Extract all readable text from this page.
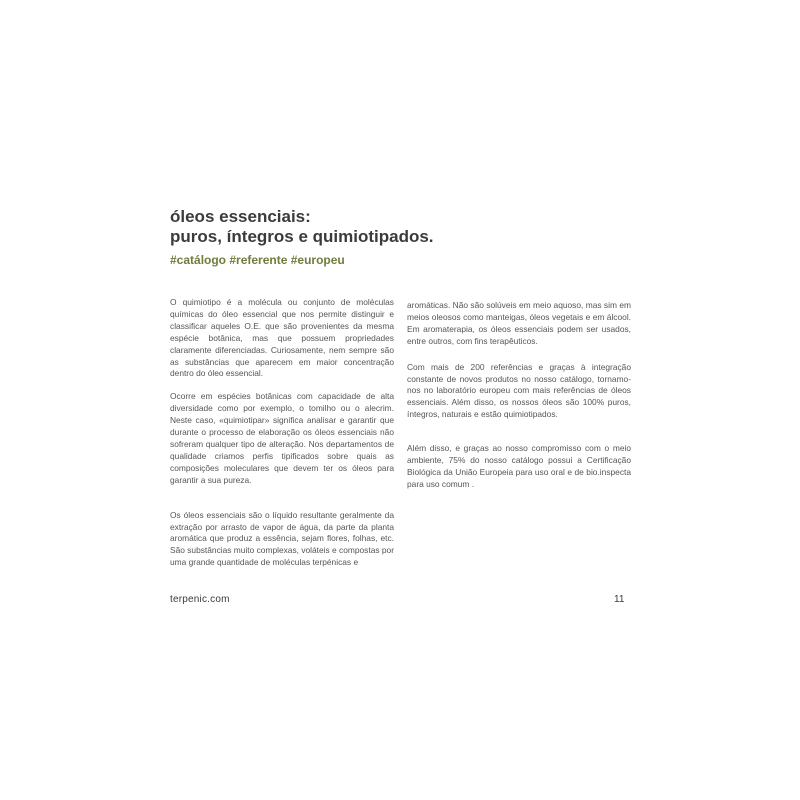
óleos essenciais:
puros, íntegros e quimiotipados.

#catálogo #referente #europeu

O quimiotipo é a molécula ou conjunto de moléculas químicas do óleo essencial que nos permite distinguir e classificar aqueles O.E. que são provenientes da mesma espécie botânica, mas que possuem propriedades claramente diferenciadas. Curiosamente, nem sempre são as substâncias que aparecem em maior concentração dentro do óleo essencial.

Ocorre em espécies botânicas com capacidade de alta diversidade como por exemplo, o tomilho ou o alecrim. Neste caso, «quimiotipar» significa analisar e garantir que durante o processo de elaboração os óleos essenciais não sofreram qualquer tipo de alteração. Nos departamentos de qualidade criamos perfis tipificados sobre quais as composições moleculares que devem ter os óleos para garantir a sua pureza.

Os óleos essenciais são o líquido resultante geralmente da extração por arrasto de vapor de água, da parte da planta aromática que produz a essência, sejam flores, folhas, etc. São substâncias muito complexas, voláteis e compostas por uma grande quantidade de moléculas terpénicas e

aromáticas. Não são solúveis em meio aquoso, mas sim em meios oleosos como manteigas, óleos vegetais e em álcool. Em aromaterapia, os óleos essenciais podem ser usados, entre outros, com fins terapêuticos.

Com mais de 200 referências e graças à integração constante de novos produtos no nosso catálogo, tornamo-nos no laboratório europeu com mais referências de óleos essenciais. Além disso, os nossos óleos são 100% puros, íntegros, naturais e estão quimiotipados.

Além disso, e graças ao nosso compromisso com o meio ambiente, 75% do nosso catálogo possui a Certificação Biológica da União Europeia para uso oral e de bio.inspecta para uso comum .

terpenic.com	11
